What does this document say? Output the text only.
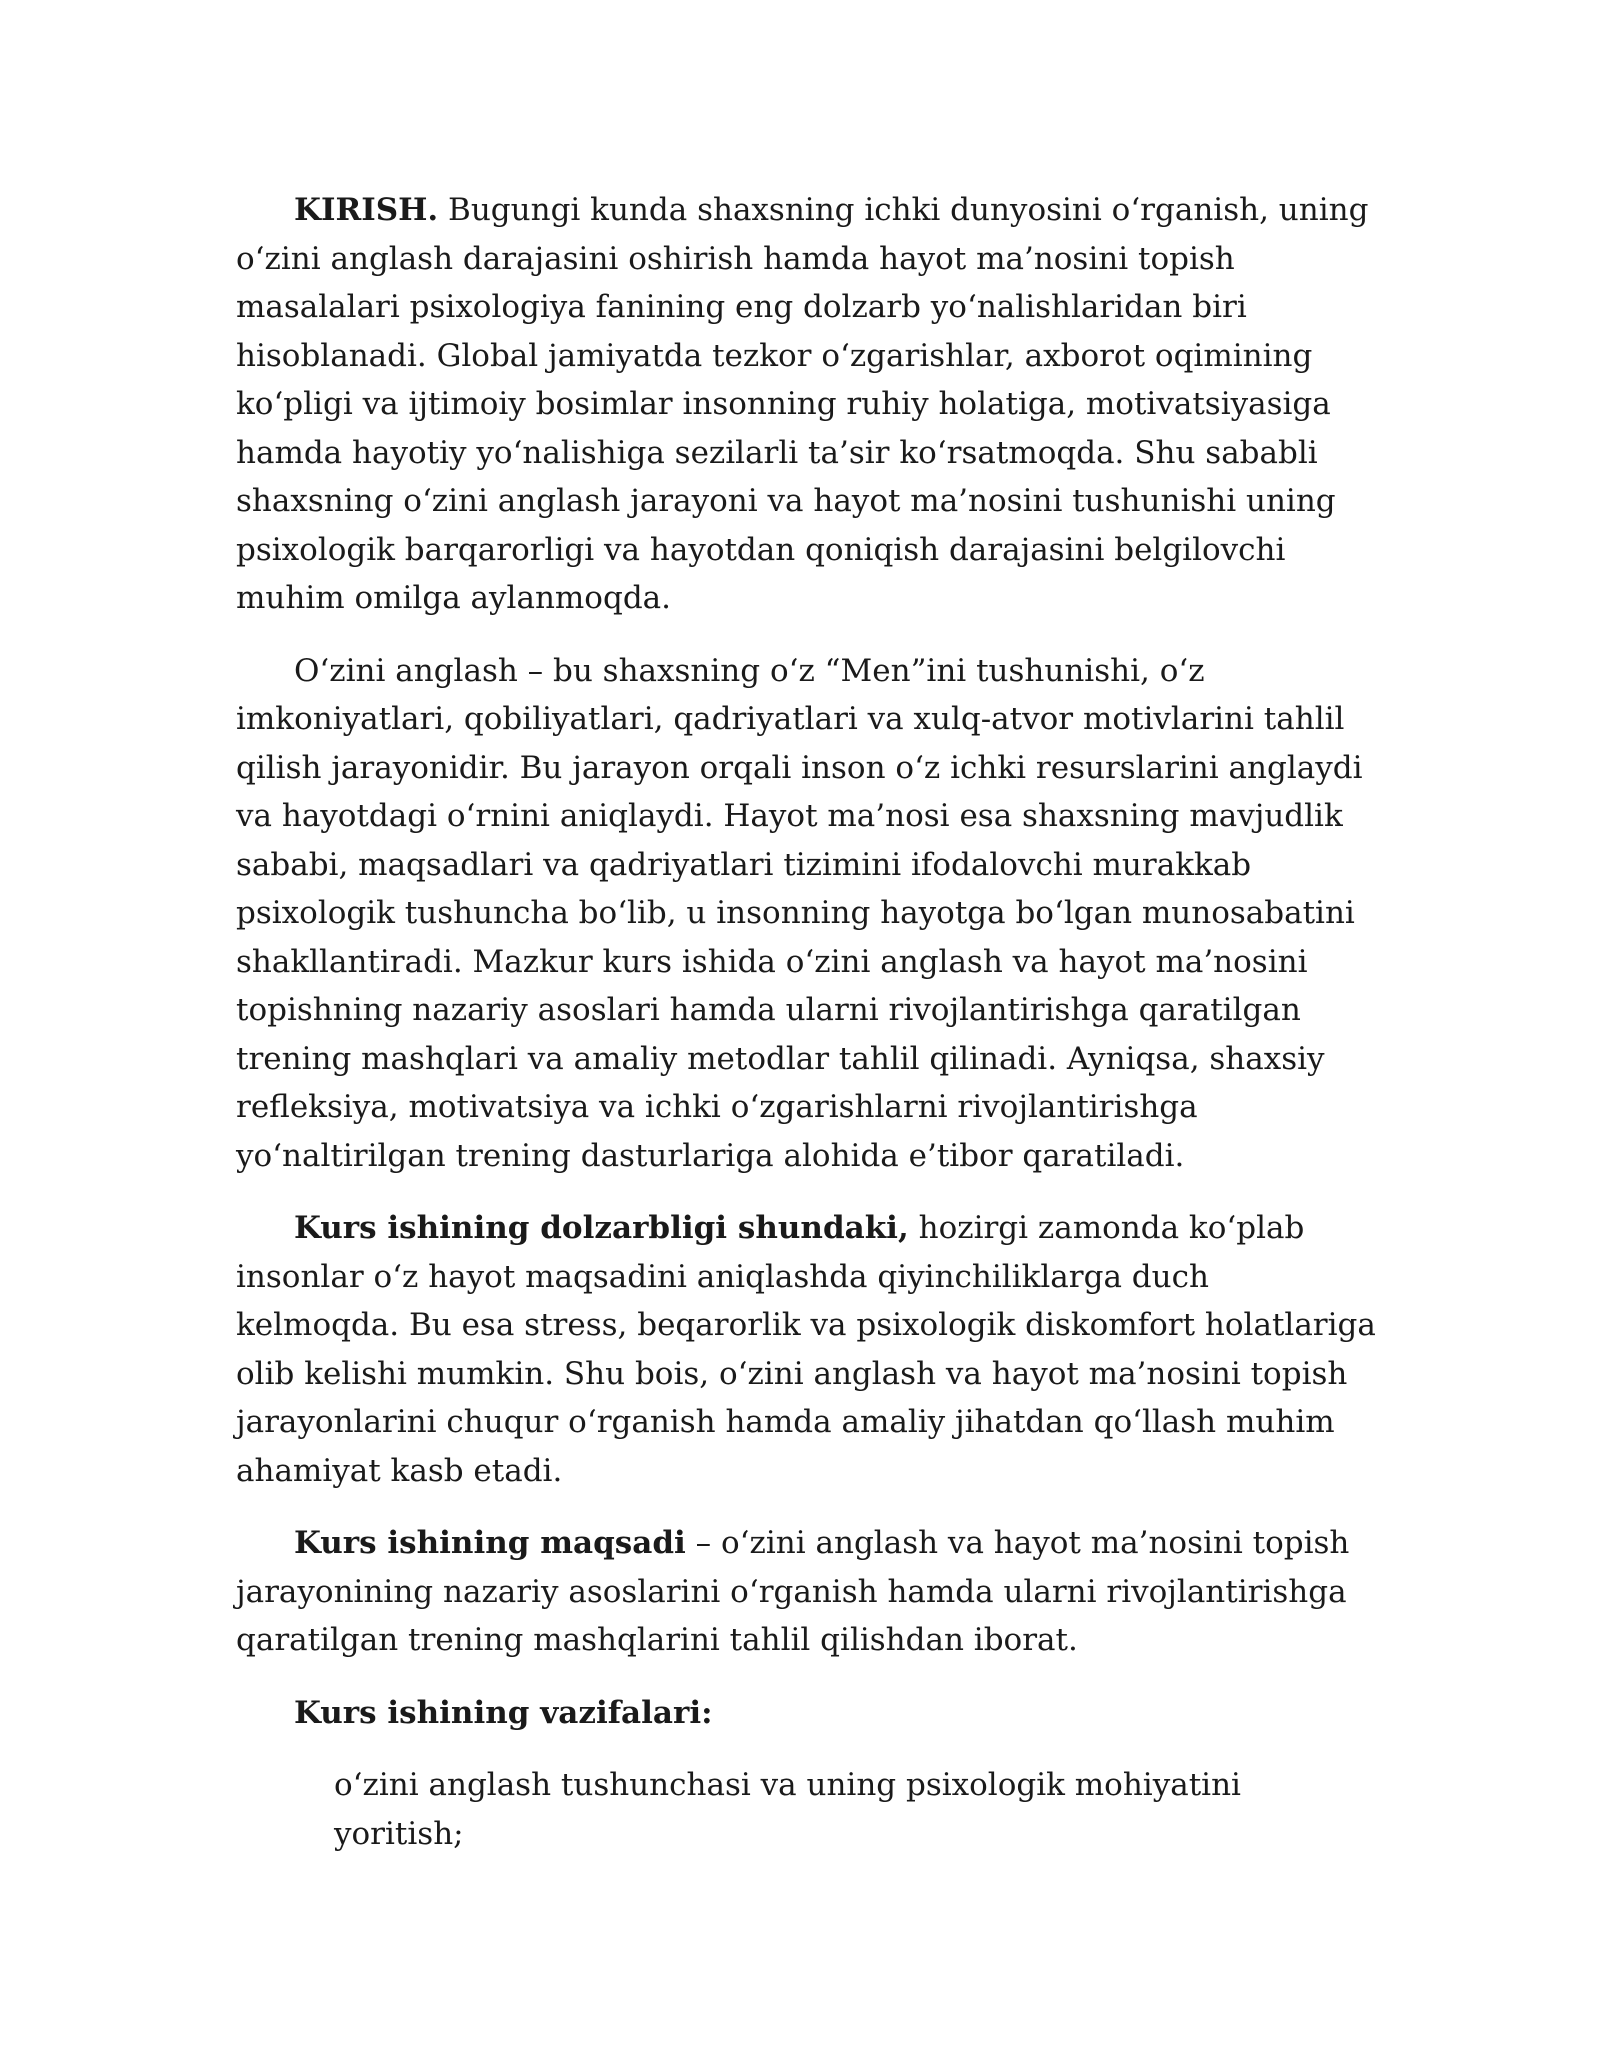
KIRISH. Bugungi kunda shaxsning ichki dunyosini o‘rganish, uning o‘zini anglash darajasini oshirish hamda hayot ma’nosini topish masalalari psixologiya fanining eng dolzarb yo‘nalishlaridan biri hisoblanadi. Global jamiyatda tezkor o‘zgarishlar, axborot oqimining ko‘pligi va ijtimoiy bosimlar insonning ruhiy holatiga, motivatsiyasiga hamda hayotiy yo‘nalishiga sezilarli ta’sir ko‘rsatmoqda. Shu sababli shaxsning o‘zini anglash jarayoni va hayot ma’nosini tushunishi uning psixologik barqarorligi va hayotdan qoniqish darajasini belgilovchi muhim omilga aylanmoqda.

O‘zini anglash – bu shaxsning o‘z “Men”ini tushunishi, o‘z imkoniyatlari, qobiliyatlari, qadriyatlari va xulq-atvor motivlarini tahlil qilish jarayonidir. Bu jarayon orqali inson o‘z ichki resurslarini anglaydi va hayotdagi o‘rnini aniqlaydi. Hayot ma’nosi esa shaxsning mavjudlik sababi, maqsadlari va qadriyatlari tizimini ifodalovchi murakkab psixologik tushuncha bo‘lib, u insonning hayotga bo‘lgan munosabatini shakllantiradi. Mazkur kurs ishida o‘zini anglash va hayot ma’nosini topishning nazariy asoslari hamda ularni rivojlantirishga qaratilgan trening mashqlari va amaliy metodlar tahlil qilinadi. Ayniqsa, shaxsiy refleksiya, motivatsiya va ichki o‘zgarishlarni rivojlantirishga yo‘naltirilgan trening dasturlariga alohida e’tibor qaratiladi.

Kurs ishining dolzarbligi shundaki, hozirgi zamonda ko‘plab insonlar o‘z hayot maqsadini aniqlashda qiyinchiliklarga duch kelmoqda. Bu esa stress, beqarorlik va psixologik diskomfort holatlariga olib kelishi mumkin. Shu bois, o‘zini anglash va hayot ma’nosini topish jarayonlarini chuqur o‘rganish hamda amaliy jihatdan qo‘llash muhim ahamiyat kasb etadi.

Kurs ishining maqsadi – o‘zini anglash va hayot ma’nosini topish jarayonining nazariy asoslarini o‘rganish hamda ularni rivojlantirishga qaratilgan trening mashqlarini tahlil qilishdan iborat.

Kurs ishining vazifalari:

o‘zini anglash tushunchasi va uning psixologik mohiyatini yoritish;
